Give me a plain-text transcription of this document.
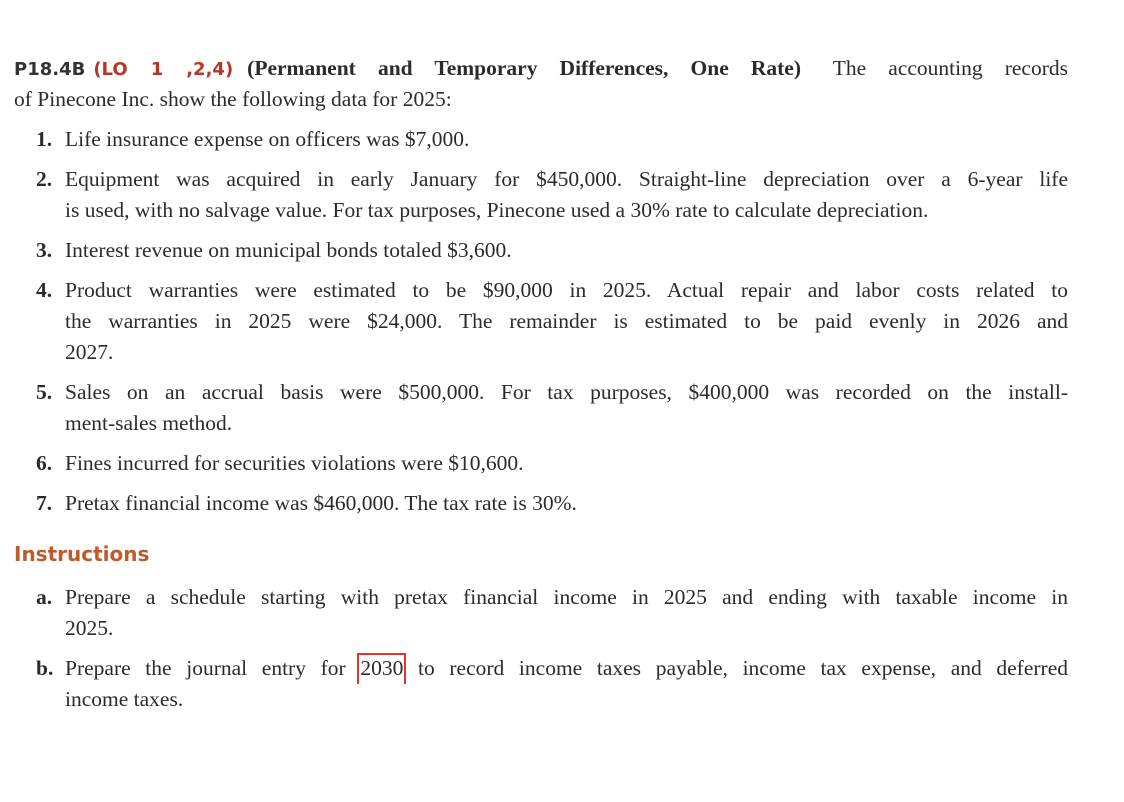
P18.4B (LO 1 ,2,4) (Permanent and Temporary Differences, One Rate) The accounting records
of Pinecone Inc. show the following data for 2025:
1. Life insurance expense on officers was $7,000.
2. Equipment was acquired in early January for $450,000. Straight-line depreciation over a 6-year life
is used, with no salvage value. For tax purposes, Pinecone used a 30% rate to calculate depreciation.
3. Interest revenue on municipal bonds totaled $3,600.
4. Product warranties were estimated to be $90,000 in 2025. Actual repair and labor costs related to
the warranties in 2025 were $24,000. The remainder is estimated to be paid evenly in 2026 and
2027.
5. Sales on an accrual basis were $500,000. For tax purposes, $400,000 was recorded on the install-
ment-sales method.
6. Fines incurred for securities violations were $10,600.
7. Pretax financial income was $460,000. The tax rate is 30%.
Instructions
a. Prepare a schedule starting with pretax financial income in 2025 and ending with taxable income in
2025.
b. Prepare the journal entry for 2030 to record income taxes payable, income tax expense, and deferred
income taxes.
